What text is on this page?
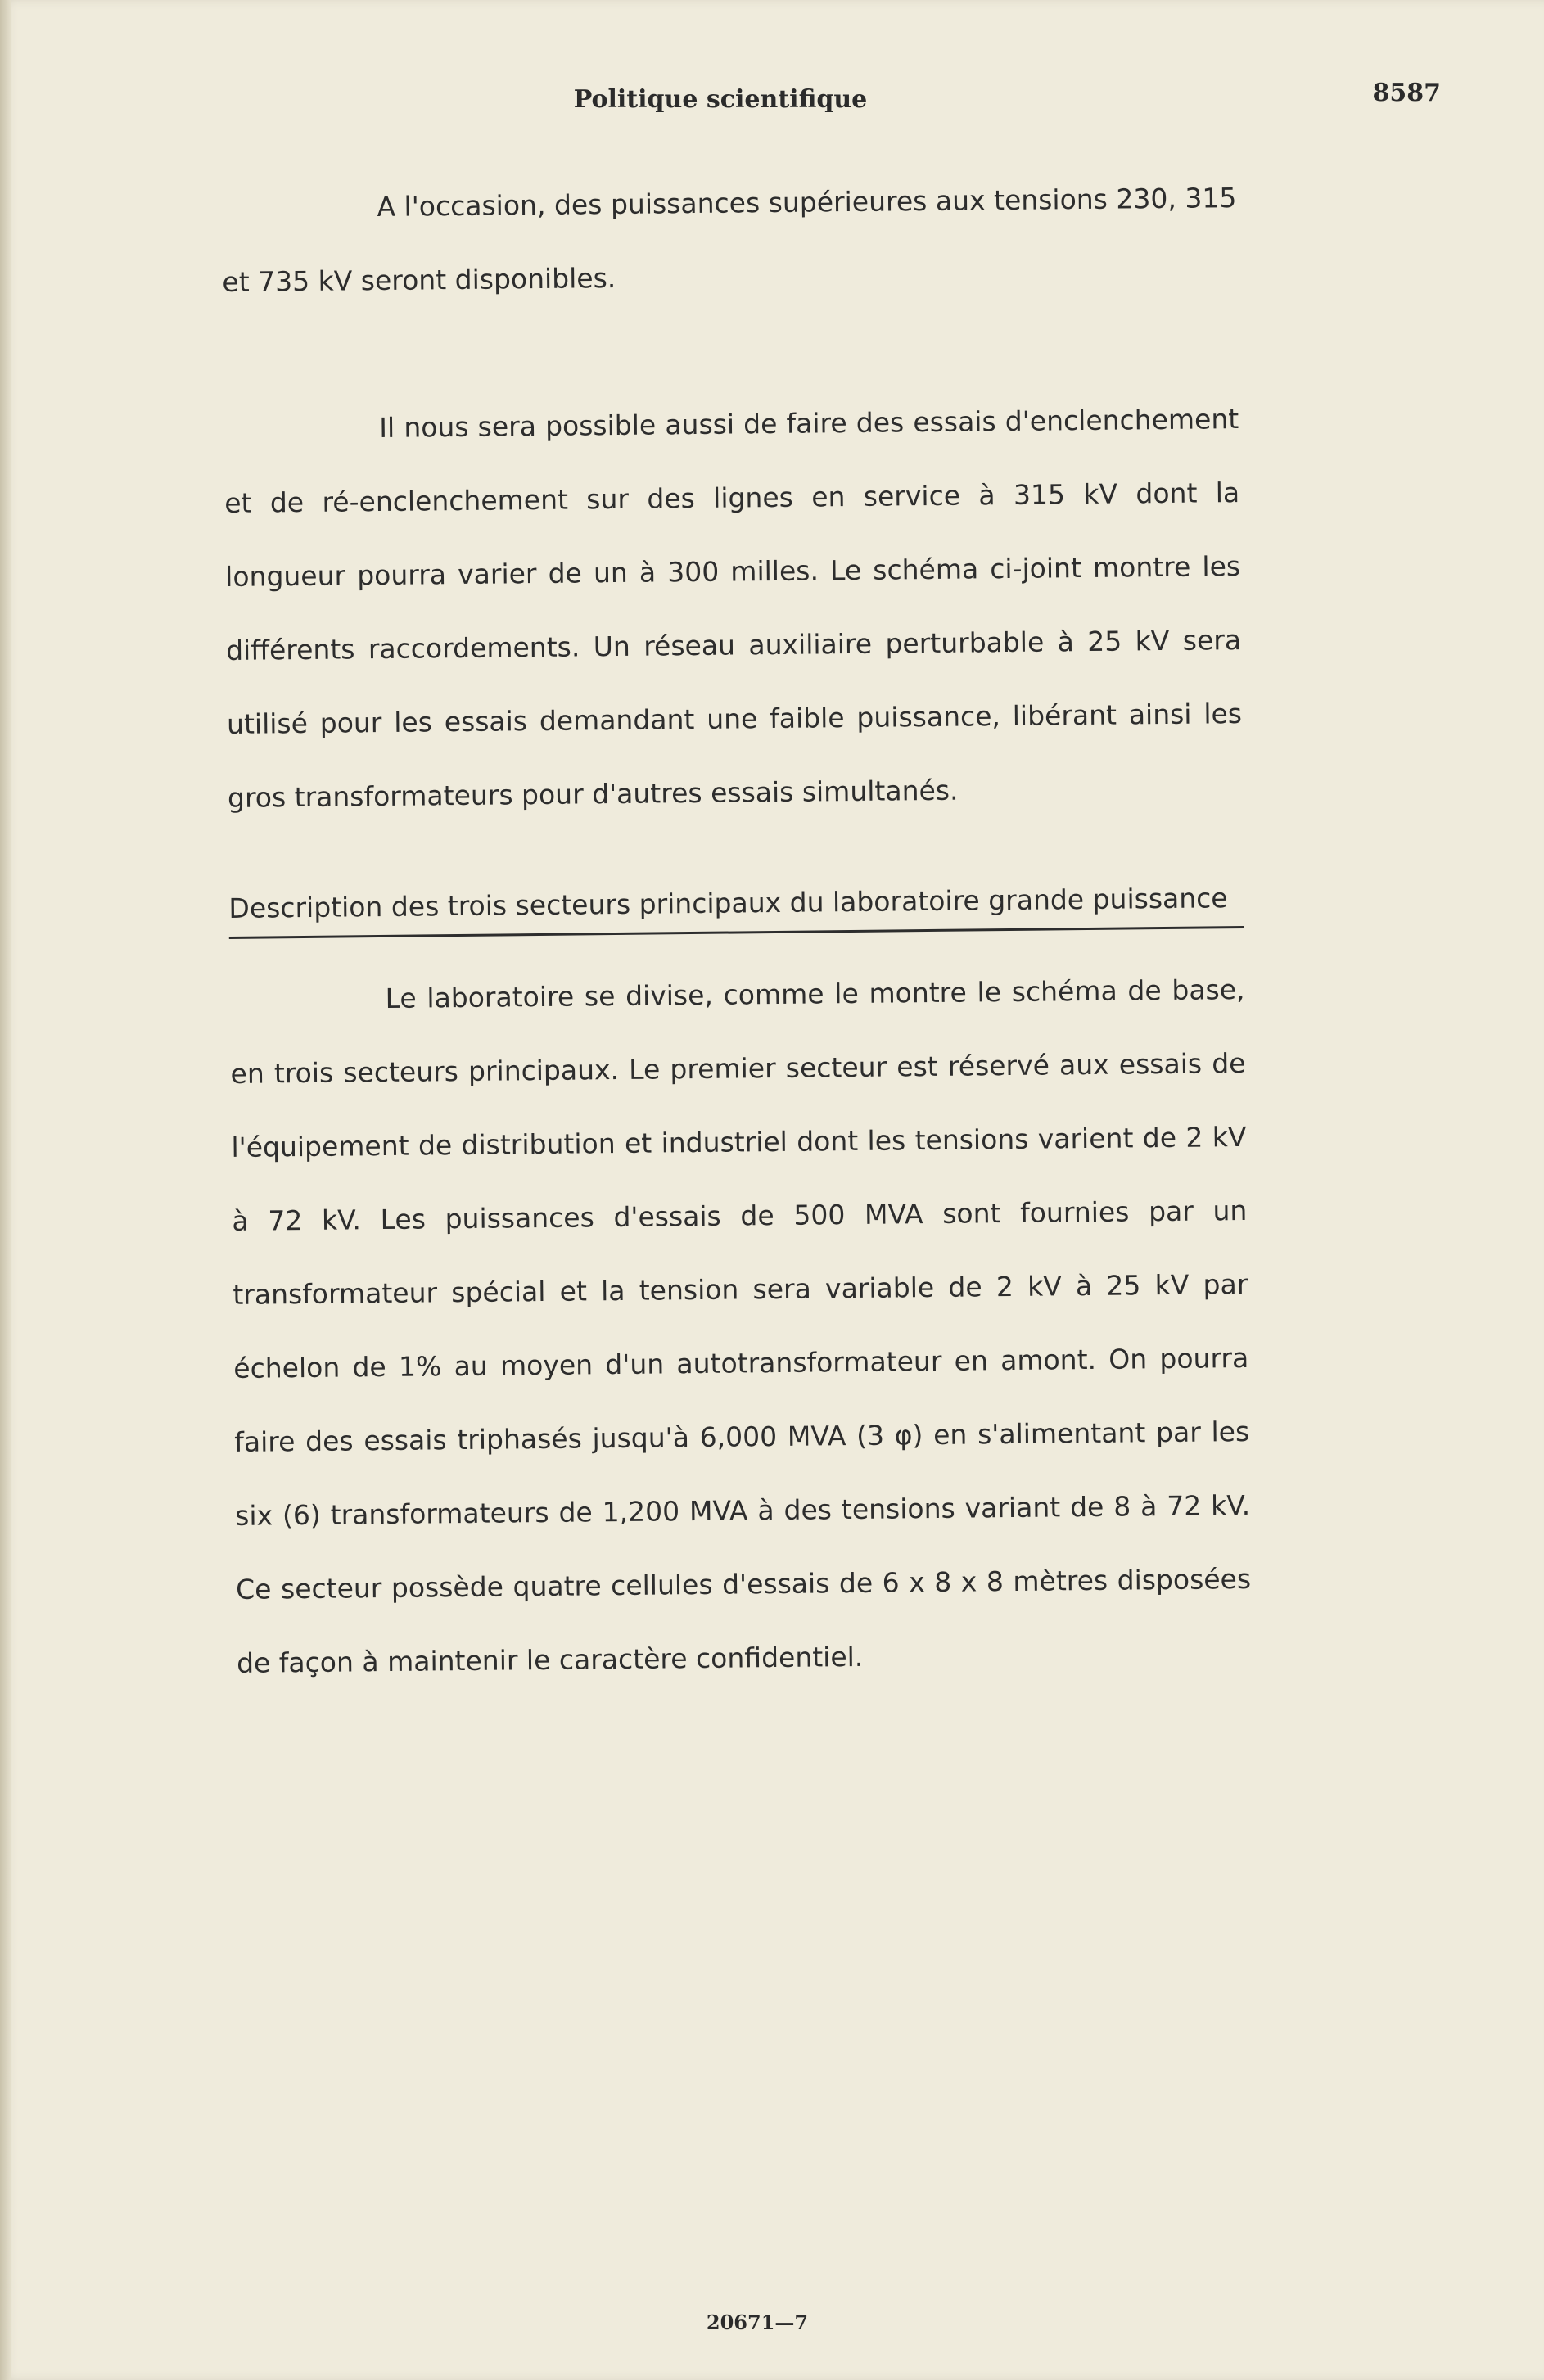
Politique scientifique	8587

A l'occasion, des puissances supérieures aux tensions 230, 315 et 735 kV seront disponibles.

Il nous sera possible aussi de faire des essais d'enclenchement et de ré-enclenchement sur des lignes en service à 315 kV dont la longueur pourra varier de un à 300 milles. Le schéma ci-joint montre les différents raccordements. Un réseau auxiliaire perturbable à 25 kV sera utilisé pour les essais demandant une faible puissance, libérant ainsi les gros transformateurs pour d'autres essais simultanés.

Description des trois secteurs principaux du laboratoire grande puissance

Le laboratoire se divise, comme le montre le schéma de base, en trois secteurs principaux. Le premier secteur est réservé aux essais de l'équipement de distribution et industriel dont les tensions varient de 2 kV à 72 kV. Les puissances d'essais de 500 MVA sont fournies par un transformateur spécial et la tension sera variable de 2 kV à 25 kV par échelon de 1% au moyen d'un autotransformateur en amont. On pourra faire des essais triphasés jusqu'à 6,000 MVA (3 φ) en s'alimentant par les six (6) transformateurs de 1,200 MVA à des tensions variant de 8 à 72 kV. Ce secteur possède quatre cellules d'essais de 6 x 8 x 8 mètres disposées de façon à maintenir le caractère confidentiel.

20671—7
